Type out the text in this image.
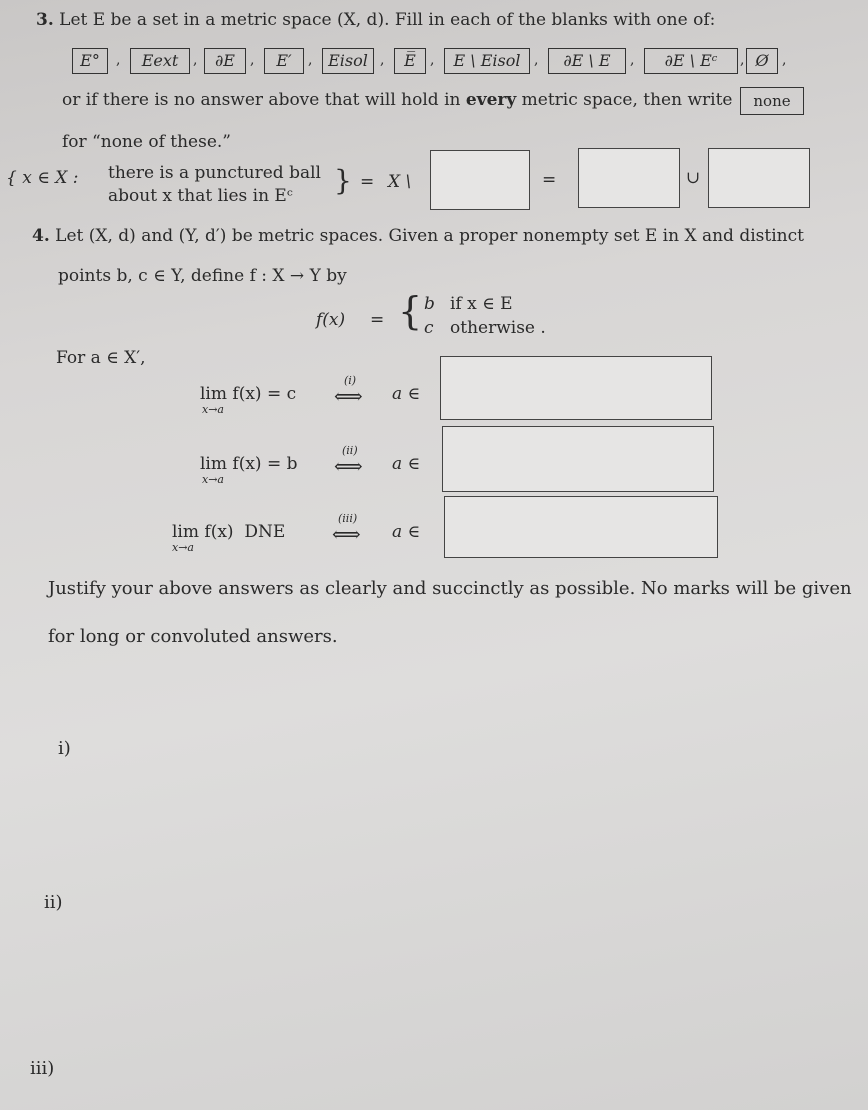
3. Let E be a set in a metric space (X, d). Fill in each of the blanks with one of:
E°	,	Eext	,	∂E	,	E′	, Eisol ,	E̅	,	E \ Eisol ,	∂E \ E	,	∂E \ Eᶜ	, Ø ,
or if there is no answer above that will hold in every metric space, then write	none
for “none of these.”
{ x ∈ X : there is a punctured ball
about x that lies in Eᶜ } = X \	=	∪
4. Let (X, d) and (Y, d′) be metric spaces. Given a proper nonempty set E in X and distinct
points b, c ∈ Y, define f : X → Y by
f(x) = { b if x ∈ E
c otherwise .
For a ∈ X′,
lim f(x) = c
x→a
(i)
⟺ a ∈
lim f(x) = b
x→a
(ii)
⟺ a ∈
lim f(x)  DNE
x→a
(iii)
⟺ a ∈
Justify your above answers as clearly and succinctly as possible. No marks will be given
for long or convoluted answers.
i)
ii)
iii)
